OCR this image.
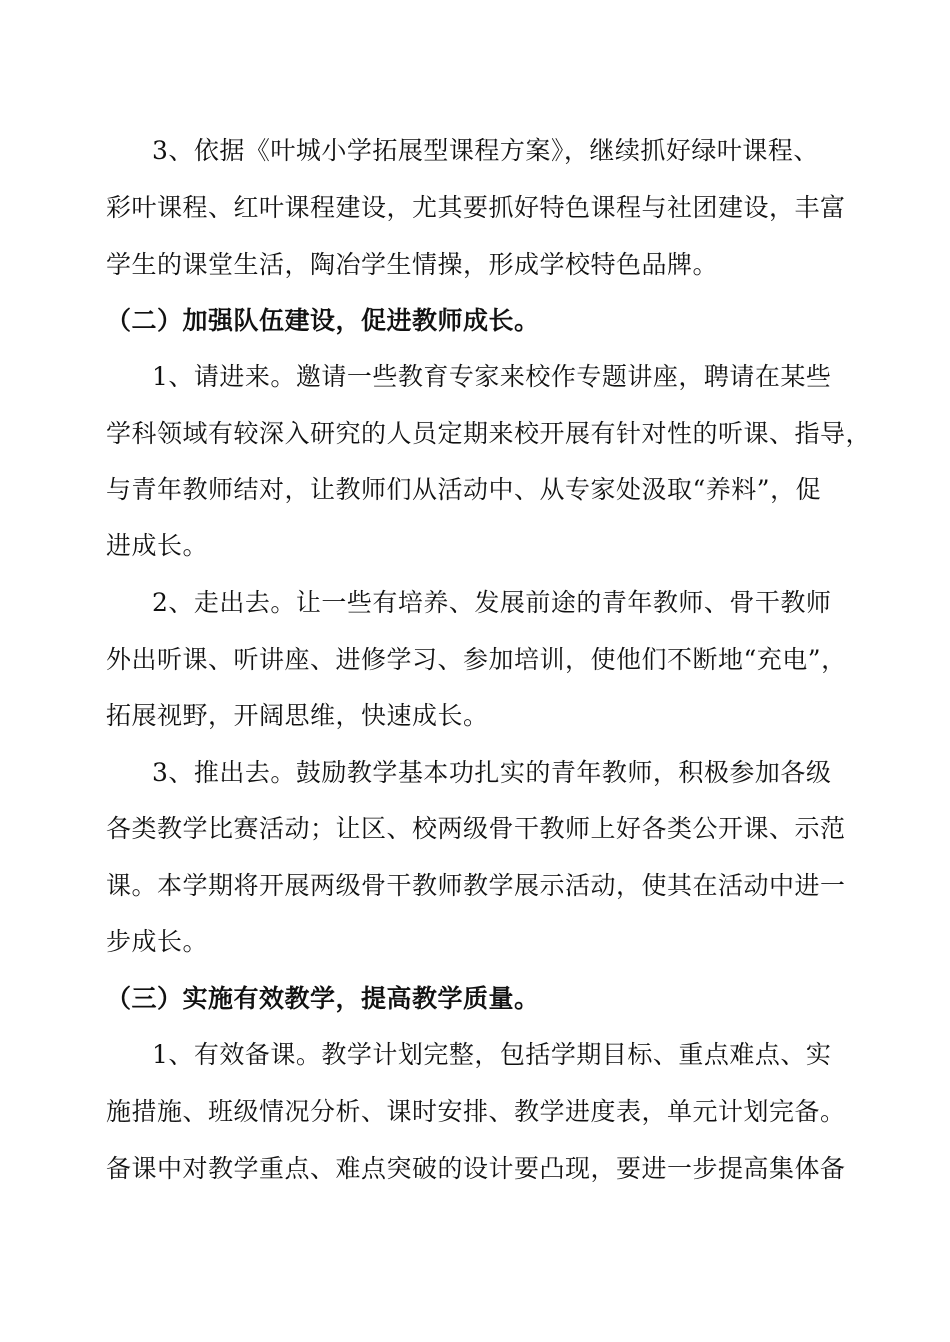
3、依据《叶城小学拓展型课程方案》，继续抓好绿叶课程、
彩叶课程、红叶课程建设，尤其要抓好特色课程与社团建设，丰富
学生的课堂生活，陶冶学生情操，形成学校特色品牌。
（二）加强队伍建设，促进教师成长。
1、请进来。邀请一些教育专家来校作专题讲座，聘请在某些
学科领域有较深入研究的人员定期来校开展有针对性的听课、指导，
与青年教师结对，让教师们从活动中、从专家处汲取“养料”，促
进成长。
2、走出去。让一些有培养、发展前途的青年教师、骨干教师
外出听课、听讲座、进修学习、参加培训，使他们不断地“充电”，
拓展视野，开阔思维，快速成长。
3、推出去。鼓励教学基本功扎实的青年教师，积极参加各级
各类教学比赛活动；让区、校两级骨干教师上好各类公开课、示范
课。本学期将开展两级骨干教师教学展示活动，使其在活动中进一
步成长。
（三）实施有效教学，提高教学质量。
1、有效备课。教学计划完整，包括学期目标、重点难点、实
施措施、班级情况分析、课时安排、教学进度表，单元计划完备。
备课中对教学重点、难点突破的设计要凸现，要进一步提高集体备
